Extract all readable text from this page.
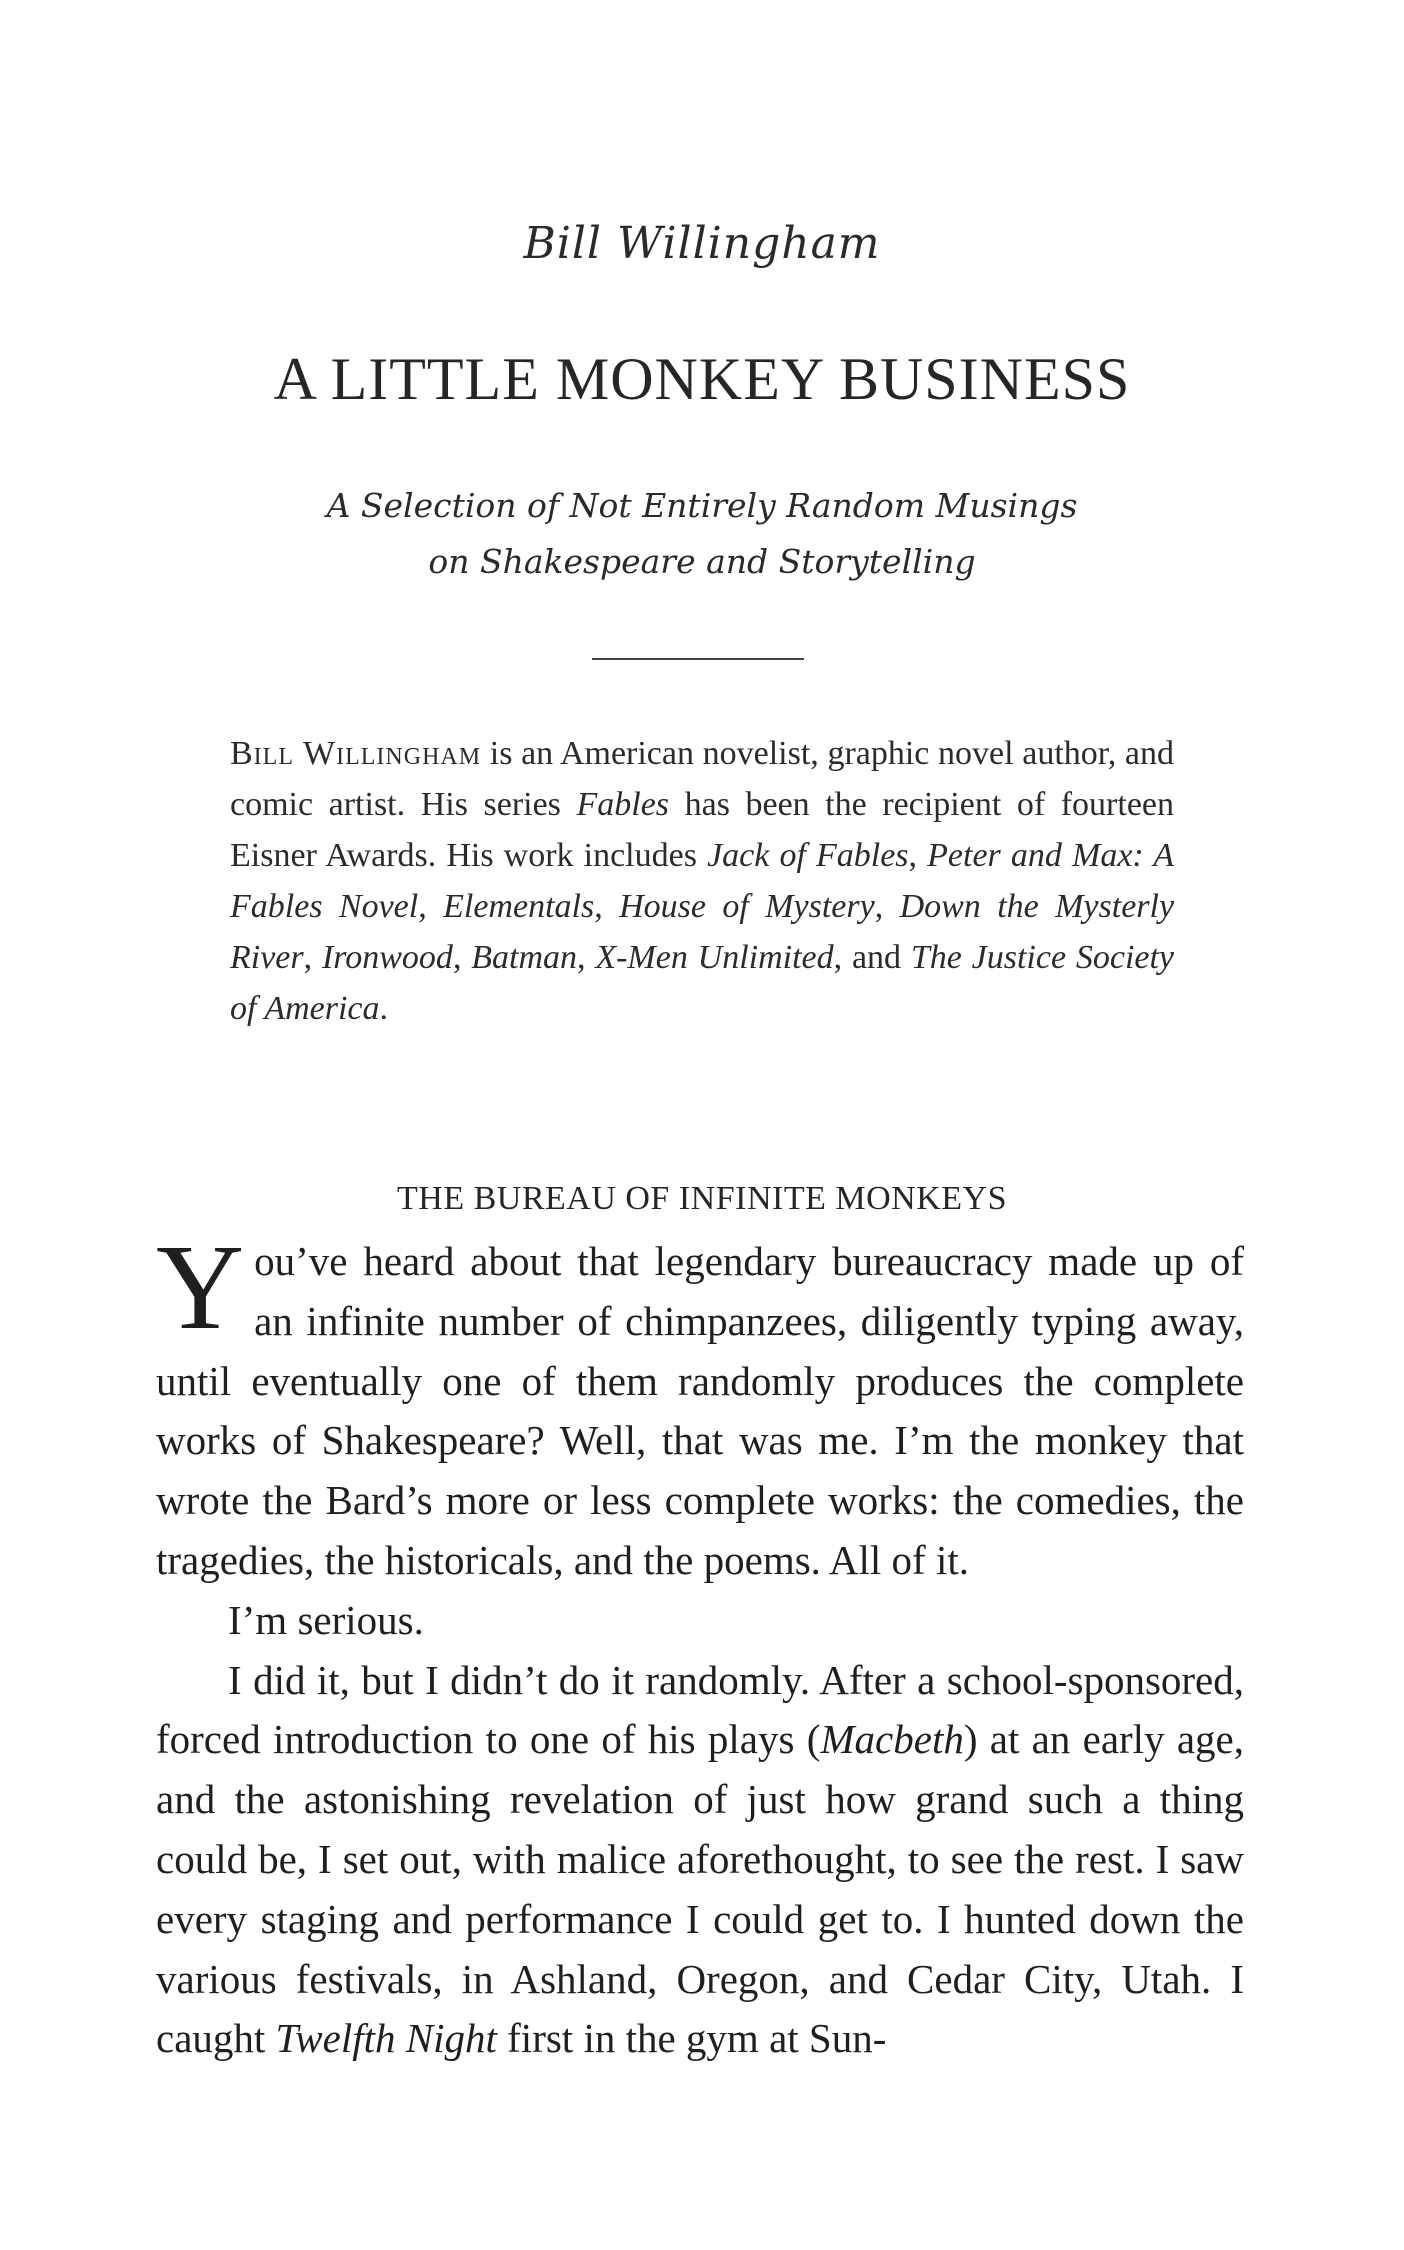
Bill Willingham
A LITTLE MONKEY BUSINESS
A Selection of Not Entirely Random Musings
on Shakespeare and Storytelling
Bill Willingham is an American novelist, graphic novel author, and comic artist. His series Fables has been the recipient of fourteen Eisner Awards. His work includes Jack of Fables, Peter and Max: A Fables Novel, Elementals, House of Mystery, Down the Mysterly River, Ironwood, Batman, X-Men Unlimited, and The Justice Society of America.
THE BUREAU OF INFINITE MONKEYS

You’ve heard about that legendary bureaucracy made up of an infinite number of chimpanzees, diligently typing away, until eventually one of them randomly produces the complete works of Shakespeare? Well, that was me. I’m the monkey that wrote the Bard’s more or less complete works: the comedies, the tragedies, the historicals, and the poems. All of it.

I’m serious.

I did it, but I didn’t do it randomly. After a school-sponsored, forced introduction to one of his plays (Macbeth) at an early age, and the astonishing revelation of just how grand such a thing could be, I set out, with malice aforethought, to see the rest. I saw every staging and performance I could get to. I hunted down the various festivals, in Ashland, Oregon, and Cedar City, Utah. I caught Twelfth Night first in the gym at Sun-
